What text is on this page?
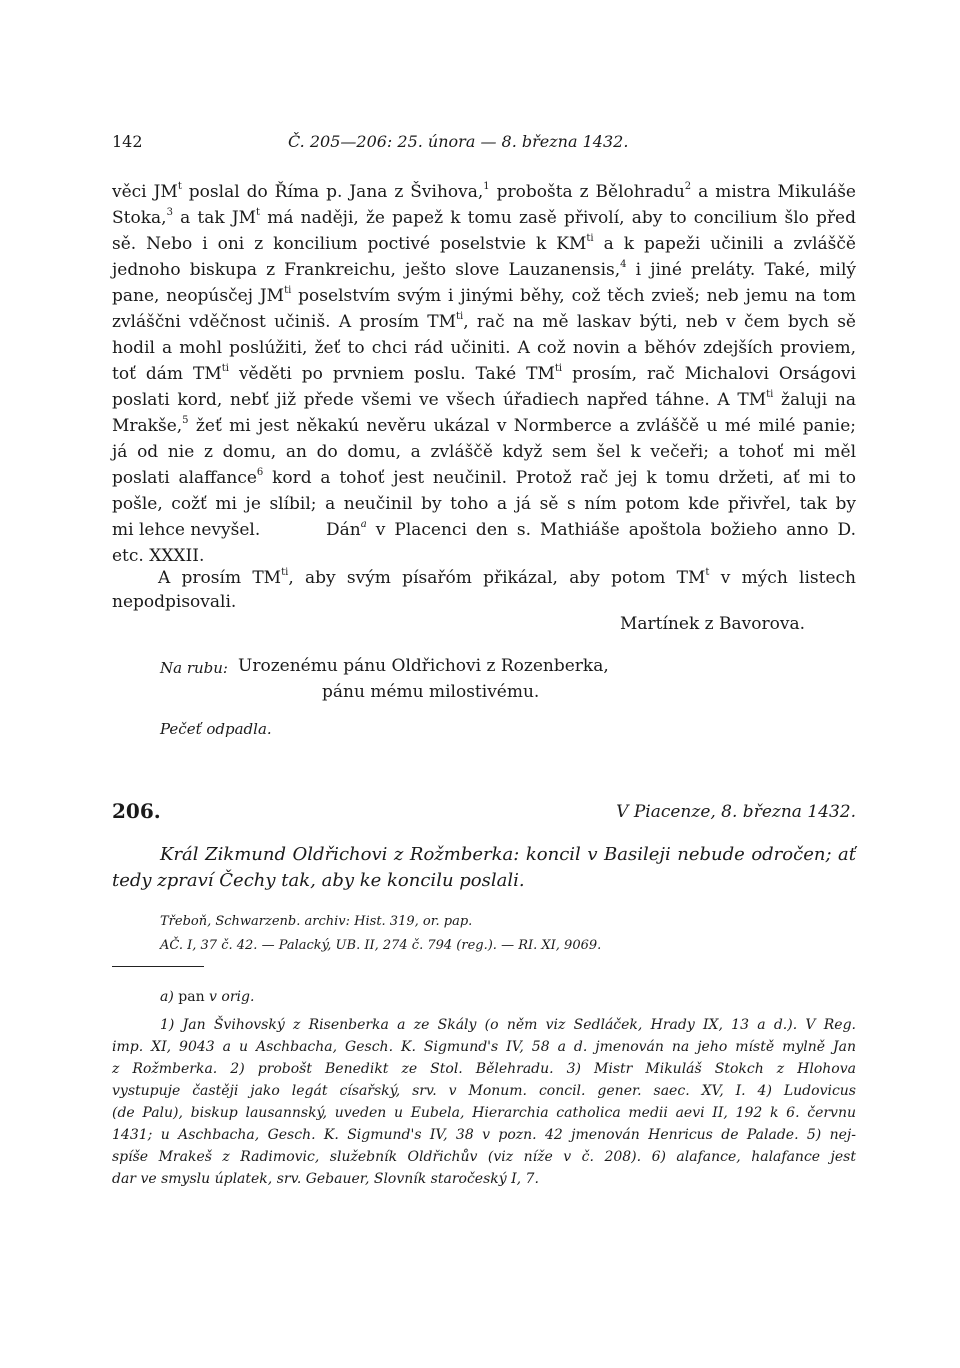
142	Č. 205—206: 25. února — 8. března 1432.
věci $JM^t$ poslal do Říma p. Jana z Švihova,$^1$ probošta z Bělohradu$^2$ a mistra Mikuláše
Stoka,$^3$ a tak $JM^t$ má naději, že papež k tomu zasě přivolí, aby to concilium šlo před
sě. Nebo i oni z koncilium poctivé poselstvie k $KM^{ti}$ a k papeži učinili a zvláščě
jednoho biskupa z Frankreichu, ješto slove Lauzanensis,$^4$ i jiné preláty. Také, milý
pane, neopúsčej $JM^{ti}$ poselstvím svým i jinými běhy, což těch zvieš; neb jemu na tom
zvláščni vděčnost učiniš. A prosím $TM^{ti}$, rač na mě laskav býti, neb v čem bych sě
hodil a mohl poslúžiti, žeť to chci rád učiniti. A což novin a běhóv zdejších proviem,
toť dám $TM^{ti}$ věděti po prvniem poslu. Také $TM^{ti}$ prosím, rač Michalovi Orságovi
poslati kord, nebť již přede všemi ve všech úřadiech napřed táhne. A $TM^{ti}$ žaluji na
Mrakše,$^5$ žeť mi jest někakú nevěru ukázal v Normberce a zvláščě u mé milé panie;
já od nie z domu, an do domu, a zvláščě když sem šel k večeři; a tohoť mi měl
poslati alaffance$^6$ kord a tohoť jest neučinil. Protož rač jej k tomu držeti, ať mi to
pošle, cožť mi je slíbil; a neučinil by toho a já sě s ním potom kde přivřel, tak by
mi lehce nevyšel.	Dán$^a$ v Placenci den s. Mathiáše apoštola božieho anno D.
etc. XXXII.
A prosím $TM^{ti}$, aby svým písařóm přikázal, aby potom $TM^t$ v mých listech
nepodpisovali.
Martínek z Bavorova.
Na rubu: Urozenému pánu Oldřichovi z Rozenberka,
pánu mému milostivému.
Pečeť odpadla.
206.	V Piacenze, 8. března 1432.
Král Zikmund Oldřichovi z Rožmberka: koncil v Basileji nebude odročen; ať
tedy zpraví Čechy tak, aby ke koncilu poslali.
Třeboň, Schwarzenb. archiv: Hist. 319, or. pap.
AČ. I, 37 č. 42. — Palacký, UB. II, 274 č. 794 (reg.). — RI. XI, 9069.
a) pan v orig.
1) Jan Švihovský z Risenberka a ze Skály (o něm viz Sedláček, Hrady IX, 13 a d.). V Reg.
imp. XI, 9043 a u Aschbacha, Gesch. K. Sigmund's IV, 58 a d. jmenován na jeho místě mylně Jan
z Rožmberka. 2) probošt Benedikt ze Stol. Bělehradu. 3) Mistr Mikuláš Stokch z Hlohova
vystupuje častěji jako legát císařský, srv. v Monum. concil. gener. saec. XV, I. 4) Ludovicus
(de Palu), biskup lausannský, uveden u Eubela, Hierarchia catholica medii aevi II, 192 k 6. červnu
1431; u Aschbacha, Gesch. K. Sigmund's IV, 38 v pozn. 42 jmenován Henricus de Palade. 5) nej-
spíše Mrakeš z Radimovic, služebník Oldřichův (viz níže v č. 208). 6) alafance, halafance jest
dar ve smyslu úplatek, srv. Gebauer, Slovník staročeský I, 7.
